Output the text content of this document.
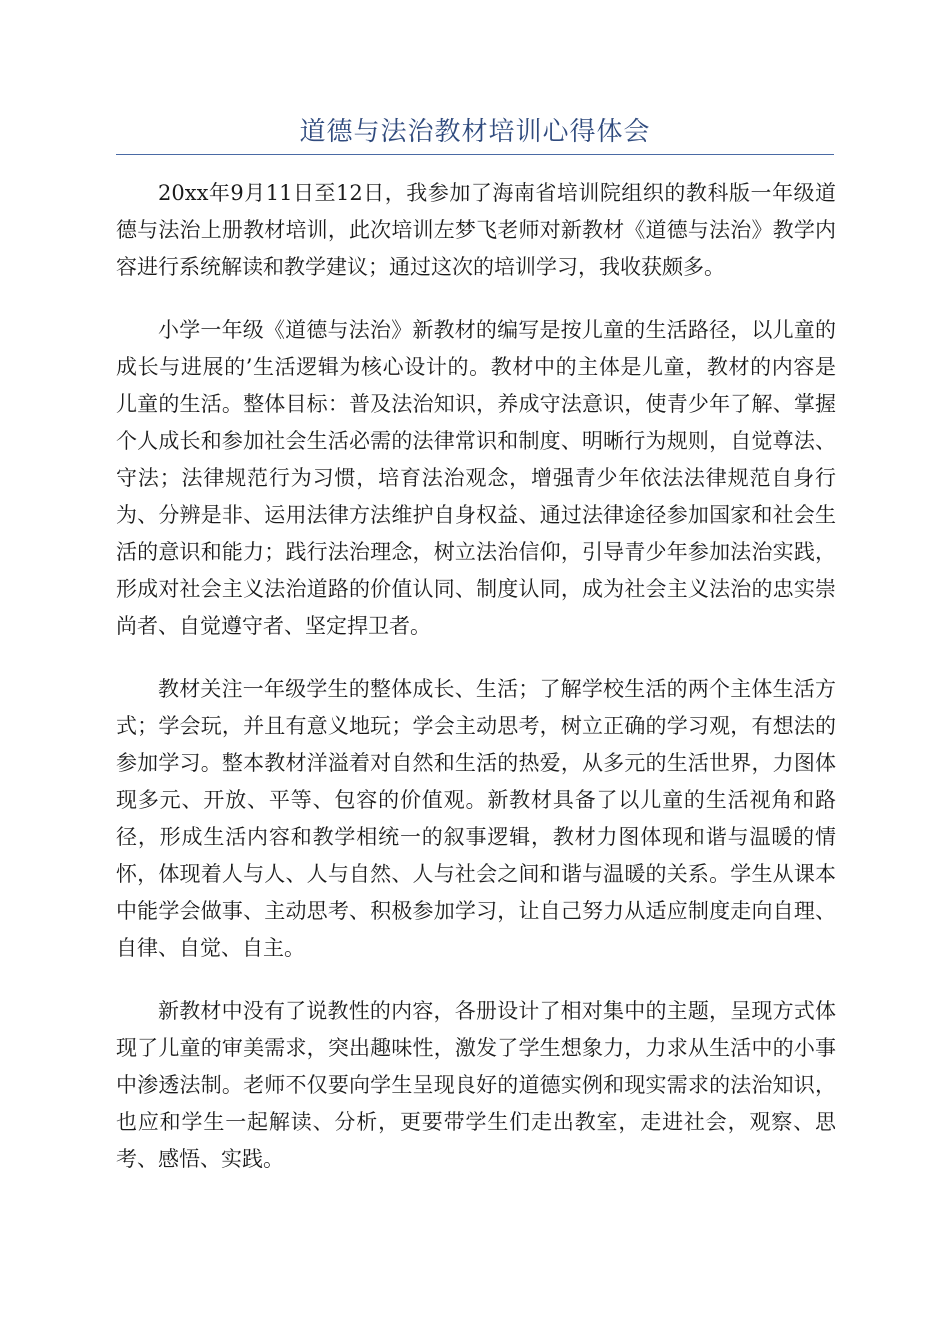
道德与法治教材培训心得体会

20xx年9月11日至12日，我参加了海南省培训院组织的教科版一年级道德与法治上册教材培训，此次培训左梦飞老师对新教材《道德与法治》教学内容进行系统解读和教学建议；通过这次的培训学习，我收获颇多。

小学一年级《道德与法治》新教材的编写是按儿童的生活路径，以儿童的成长与进展的’生活逻辑为核心设计的。教材中的主体是儿童，教材的内容是儿童的生活。整体目标：普及法治知识，养成守法意识，使青少年了解、掌握个人成长和参加社会生活必需的法律常识和制度、明晰行为规则，自觉尊法、守法；法律规范行为习惯，培育法治观念，增强青少年依法法律规范自身行为、分辨是非、运用法律方法维护自身权益、通过法律途径参加国家和社会生活的意识和能力；践行法治理念，树立法治信仰，引导青少年参加法治实践，形成对社会主义法治道路的价值认同、制度认同，成为社会主义法治的忠实崇尚者、自觉遵守者、坚定捍卫者。

教材关注一年级学生的整体成长、生活；了解学校生活的两个主体生活方式；学会玩，并且有意义地玩；学会主动思考，树立正确的学习观，有想法的参加学习。整本教材洋溢着对自然和生活的热爱，从多元的生活世界，力图体现多元、开放、平等、包容的价值观。新教材具备了以儿童的生活视角和路径，形成生活内容和教学相统一的叙事逻辑，教材力图体现和谐与温暖的情怀，体现着人与人、人与自然、人与社会之间和谐与温暖的关系。学生从课本中能学会做事、主动思考、积极参加学习，让自己努力从适应制度走向自理、自律、自觉、自主。

新教材中没有了说教性的内容，各册设计了相对集中的主题，呈现方式体现了儿童的审美需求，突出趣味性，激发了学生想象力，力求从生活中的小事中渗透法制。老师不仅要向学生呈现良好的道德实例和现实需求的法治知识，也应和学生一起解读、分析，更要带学生们走出教室，走进社会，观察、思考、感悟、实践。
